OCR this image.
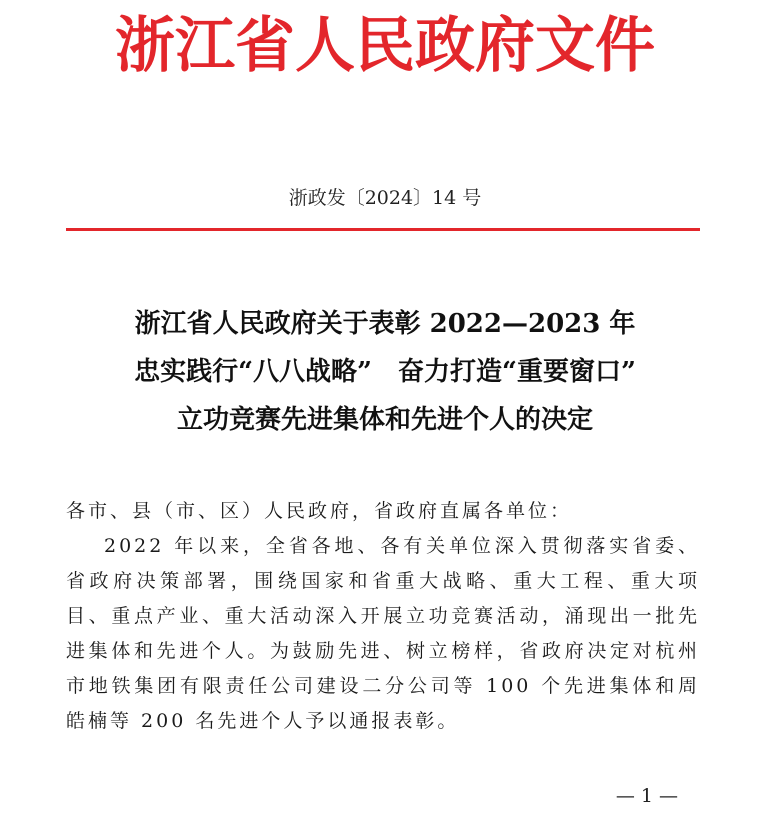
浙江省人民政府文件
浙政发〔2024〕14 号
浙江省人民政府关于表彰 2022—2023 年
忠实践行“八八战略”　奋力打造“重要窗口”
立功竞赛先进集体和先进个人的决定
各市、县（市、区）人民政府，省政府直属各单位：
2022 年以来，全省各地、各有关单位深入贯彻落实省委、省政府决策部署，围绕国家和省重大战略、重大工程、重大项目、重点产业、重大活动深入开展立功竞赛活动，涌现出一批先进集体和先进个人。为鼓励先进、树立榜样，省政府决定对杭州市地铁集团有限责任公司建设二分公司等 100 个先进集体和周皓楠等 200 名先进个人予以通报表彰。
— 1 —
